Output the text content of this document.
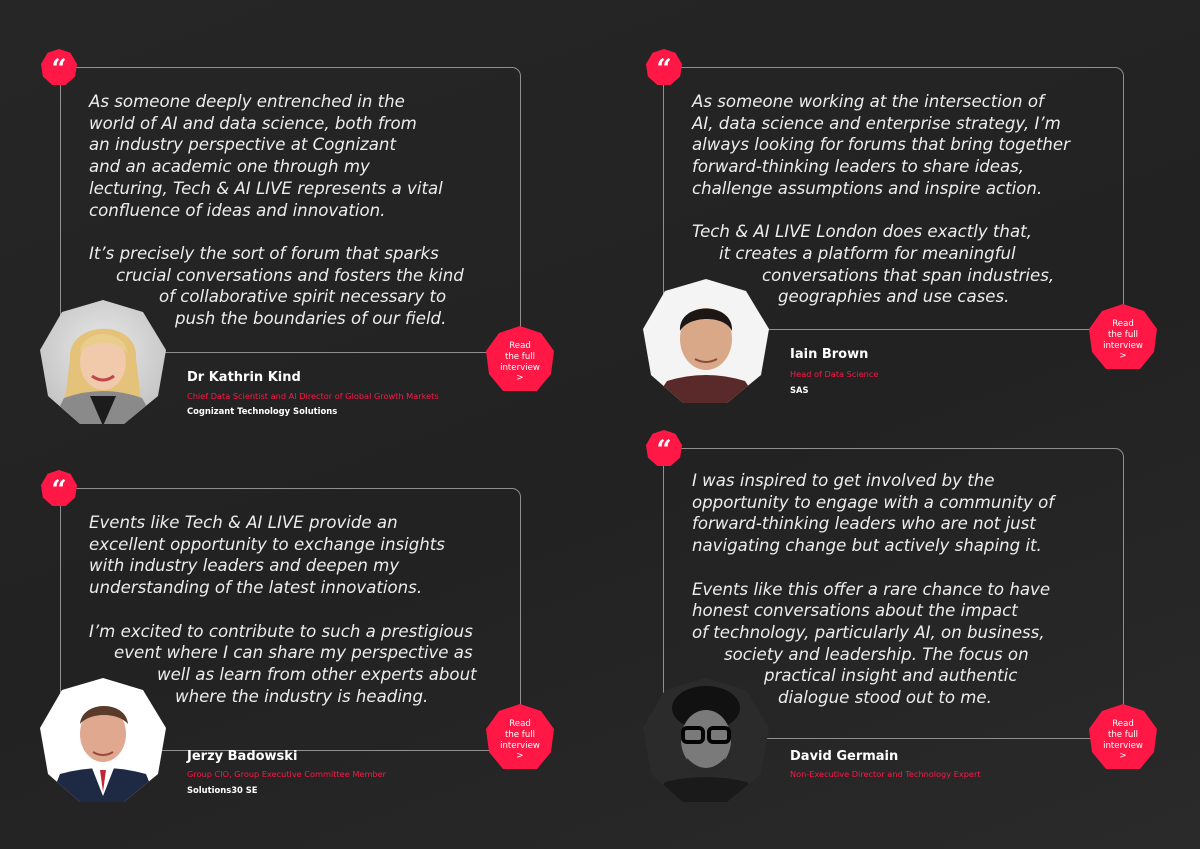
“

As someone deeply entrenched in the
world of AI and data science, both from
an industry perspective at Cognizant
and an academic one through my
lecturing, Tech & AI LIVE represents a vital
confluence of ideas and innovation.
It’s precisely the sort of forum that sparks
crucial conversations and fosters the kind
of collaborative spirit necessary to
push the boundaries of our field.

Dr Kathrin Kind
Chief Data Scientist and AI Director of Global Growth Markets
Cognizant Technology Solutions
Read
the full
interview
>
“

As someone working at the intersection of
AI, data science and enterprise strategy, I’m
always looking for forums that bring together
forward-thinking leaders to share ideas,
challenge assumptions and inspire action.
Tech & AI LIVE London does exactly that,
it creates a platform for meaningful
conversations that span industries,
geographies and use cases.

Iain Brown
Head of Data Science
SAS
Read
the full
interview
>
“

Events like Tech & AI LIVE provide an
excellent opportunity to exchange insights
with industry leaders and deepen my
understanding of the latest innovations.
I’m excited to contribute to such a prestigious
event where I can share my perspective as
well as learn from other experts about
where the industry is heading.

Jerzy Badowski
Group CIO, Group Executive Committee Member
Solutions30 SE
Read
the full
interview
>
“

I was inspired to get involved by the
opportunity to engage with a community of
forward-thinking leaders who are not just
navigating change but actively shaping it.
Events like this offer a rare chance to have
honest conversations about the impact
of technology, particularly AI, on business,
society and leadership. The focus on
practical insight and authentic
dialogue stood out to me.

David Germain
Non-Executive Director and Technology Expert
Read
the full
interview
>
